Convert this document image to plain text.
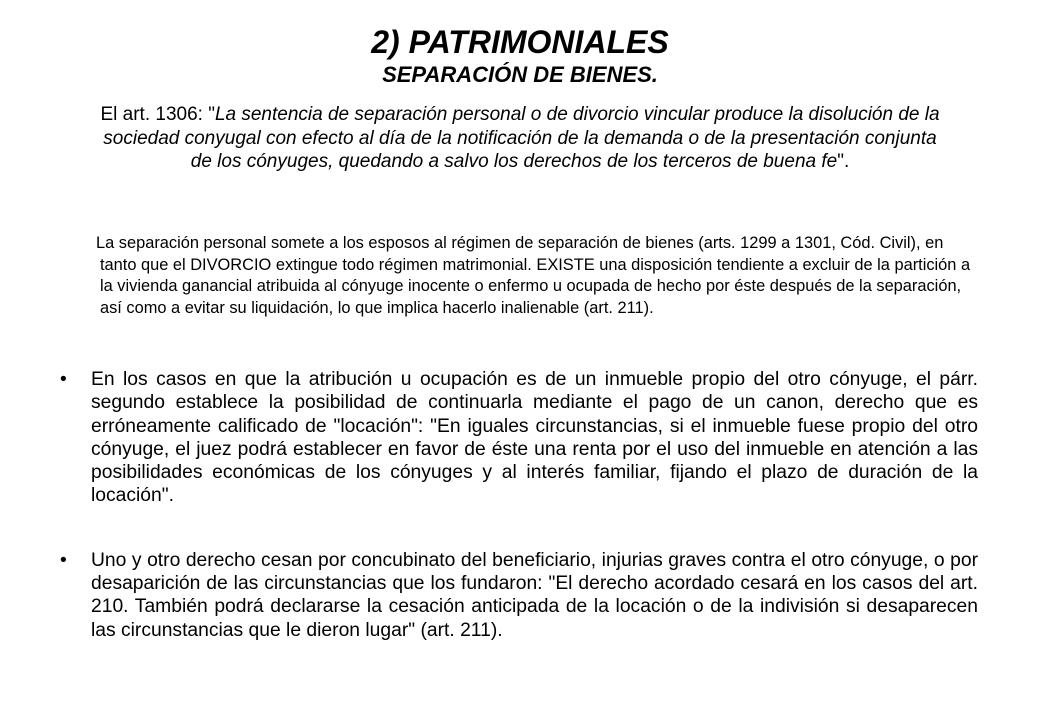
2) PATRIMONIALES
SEPARACIÓN DE BIENES.

El art. 1306: "La sentencia de separación personal o de divorcio vincular produce la disolución de la sociedad conyugal con efecto al día de la notificación de la demanda o de la presentación conjunta de los cónyuges, quedando a salvo los derechos de los terceros de buena fe".

La separación personal somete a los esposos al régimen de separación de bienes (arts. 1299 a 1301, Cód. Civil), en tanto que el DIVORCIO extingue todo régimen matrimonial. EXISTE una disposición tendiente a excluir de la partición a la vivienda ganancial atribuida al cónyuge inocente o enfermo u ocupada de hecho por éste después de la separación, así como a evitar su liquidación, lo que implica hacerlo inalienable (art. 211).

• En los casos en que la atribución u ocupación es de un inmueble propio del otro cónyuge, el párr. segundo establece la posibilidad de continuarla mediante el pago de un canon, derecho que es erróneamente calificado de "locación": "En iguales circunstancias, si el inmueble fuese propio del otro cónyuge, el juez podrá establecer en favor de éste una renta por el uso del inmueble en atención a las posibilidades económicas de los cónyuges y al interés familiar, fijando el plazo de duración de la locación".
• Uno y otro derecho cesan por concubinato del beneficiario, injurias graves contra el otro cónyuge, o por desaparición de las circunstancias que los fundaron: "El derecho acordado cesará en los casos del art. 210. También podrá declararse la cesación anticipada de la locación o de la indivisión si desaparecen las circunstancias que le dieron lugar" (art. 211).
